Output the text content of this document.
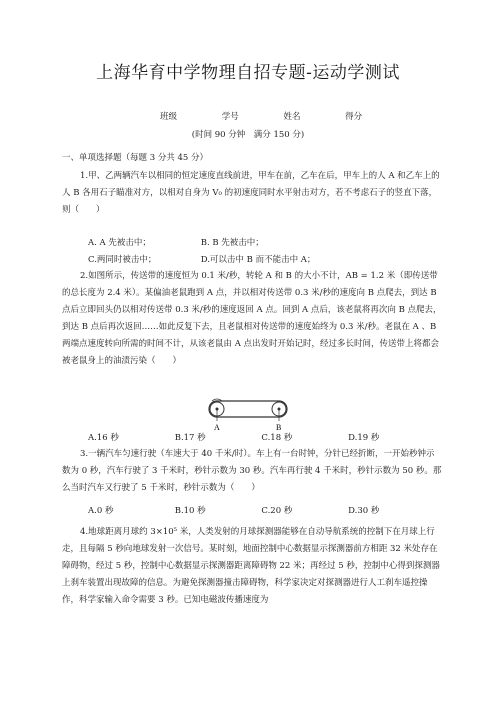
上海华育中学物理自招专题-运动学测试
班级	学号	姓名	得分
(时间 90 分钟　满分 150 分)
一、单项选择题（每题 3 分共 45 分）
1.甲、乙两辆汽车以相同的恒定速度直线前进，甲车在前，乙车在后，甲车上的人 A 和乙车上的人 B 各用石子瞄准对方，以相对自身为 V₀ 的初速度同时水平射击对方，若不考虑石子的竖直下落，则（　　）
A. A 先被击中；	B. B 先被击中；
C.两同时被击中；	D.可以击中 B 而不能击中 A；
2.如图所示，传送带的速度恒为 0.1 米/秒，转轮 A 和 B 的大小不计，AB = 1.2 米（即传送带的总长度为 2.4 米）。某偏油老鼠跑到 A 点，并以相对传送带 0.3 米/秒的速度向 B 点爬去，到达 B 点后立即回头仍以相对传送带 0.3 米/秒的速度返回 A 点。回到 A 点后，该老鼠将再次向 B 点爬去，到达 B 点后再次返回……如此反复下去，且老鼠相对传送带的速度始终为 0.3 米/秒。老鼠在 A 、B 两端点速度转向所需的时间不计，从该老鼠由 A 点出发时开始记时，经过多长时间，传送带上将都会被老鼠身上的油渍污染（　　）
A	B
A.16 秒	B.17 秒	C.18 秒	D.19 秒
3.一辆汽车匀速行驶（车速大于 40 千米/时）。车上有一台时钟，分针已经折断，一开始秒钟示数为 0 秒，汽车行驶了 3 千米时，秒针示数为 30 秒。汽车再行驶 4 千米时，秒针示数为 50 秒。那么当时汽车又行驶了 5 千米时，秒针示数为（　　）
A.0 秒	B.10 秒	C.20 秒	D.30 秒
4.地球距离月球约 3×10⁵ 米，人类发射的月球探测器能够在自动导航系统的控制下在月球上行走，且每隔 5 秒向地球发射一次信号。某时刻，地面控制中心数据显示探测器前方相距 32 米处存在障碍物，经过 5 秒，控制中心数据显示探测器距离障碍物 22 米；再经过 5 秒，控制中心得到探测器上刹车装置出现故障的信息。为避免探测器撞击障碍物，科学家决定对探测器进行人工刹车遥控操作，科学家输入命令需要 3 秒。已知电磁波传播速度为
